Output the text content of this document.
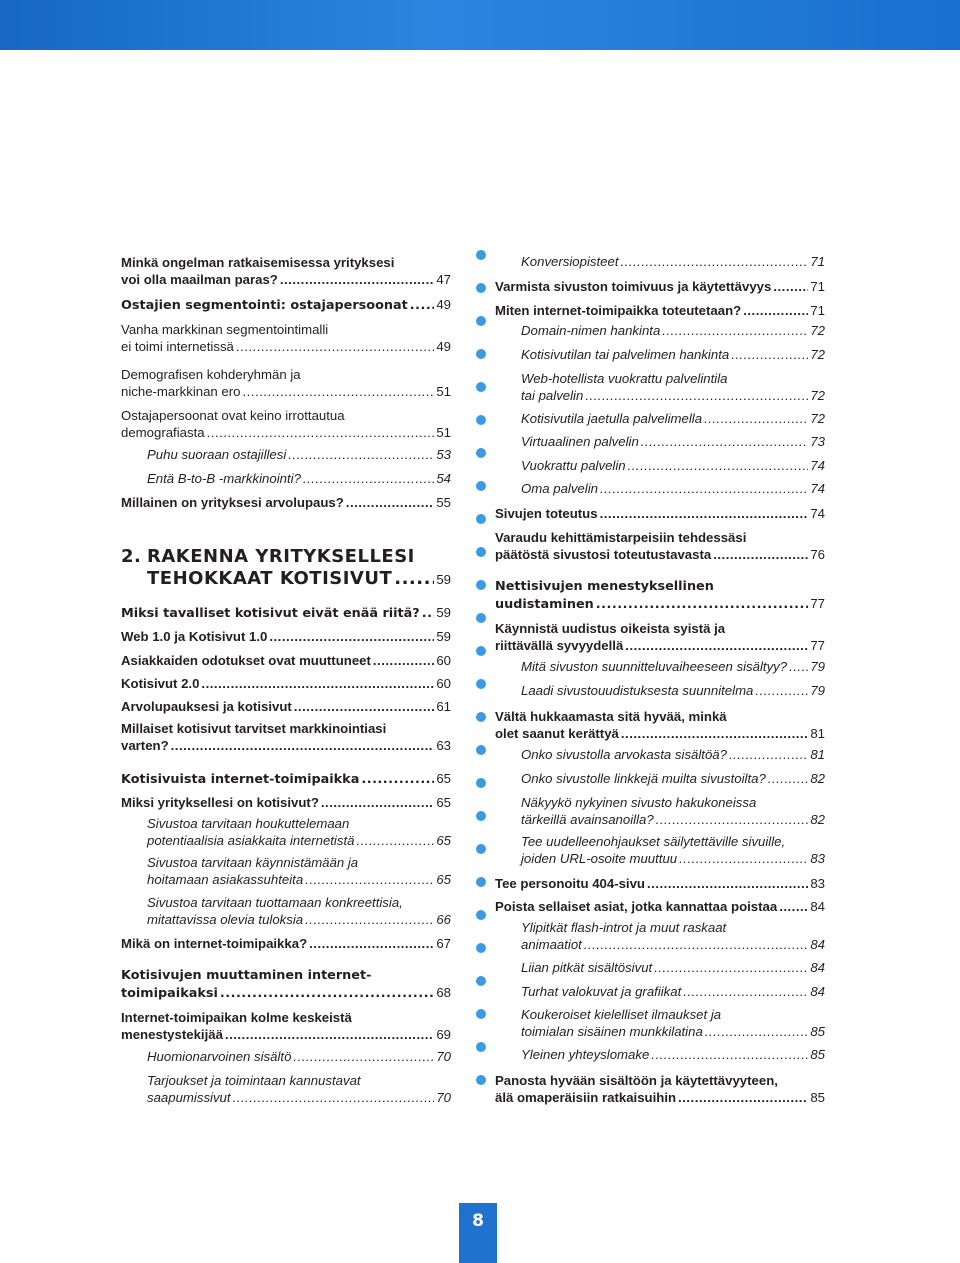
Minkä ongelman ratkaisemisessa yrityksesi
voi olla maailman paras? .....	47
Ostajien segmentointi: ostajapersoonat ..... 49
Vanha markkinan segmentointimalli
ei toimi internetissä .....	49
Demografisen kohderyhmän ja
niche-markkinan ero .....	51
Ostajapersoonat ovat keino irrottautua
demografiasta .....	51
Puhu suoraan ostajillesi .....	53
Entä B-to-B -markkinointi? .....	54
Millainen on yrityksesi arvolupaus? .....	55
2. RAKENNA YRITYKSELLESI
TEHOKKAAT KOTISIVUT .....	59
Miksi tavalliset kotisivut eivät enää riitä? ..... 59
Web 1.0 ja Kotisivut 1.0 .....	59
Asiakkaiden odotukset ovat muuttuneet .....	60
Kotisivut 2.0 .....	60
Arvolupauksesi ja kotisivut .....	61
Millaiset kotisivut tarvitset markkinointiasi
varten? .....	63
Kotisivuista internet-toimipaikka .....	65
Miksi yrityksellesi on kotisivut? .....	65
Sivustoa tarvitaan houkuttelemaan
potentiaalisia asiakkaita internetistä .....	65
Sivustoa tarvitaan käynnistämään ja
hoitamaan asiakassuhteita .....	65
Sivustoa tarvitaan tuottamaan konkreettisia,
mitattavissa olevia tuloksia .....	66
Mikä on internet-toimipaikka? .....	67
Kotisivujen muuttaminen internet-
toimipaikaksi .....	68
Internet-toimipaikan kolme keskeistä
menestystekijää .....	69
Huomionarvoinen sisältö .....	70
Tarjoukset ja toimintaan kannustavat
saapumissivut .....	70
Konversiopisteet .....	71
Varmista sivuston toimivuus ja käytettävyys .....	71
Miten internet-toimipaikka toteutetaan? .....	71
Domain-nimen hankinta .....	72
Kotisivutilan tai palvelimen hankinta .....	72
Web-hotellista vuokrattu palvelintila
tai palvelin .....	72
Kotisivutila jaetulla palvelimella .....	72
Virtuaalinen palvelin .....	73
Vuokrattu palvelin .....	74
Oma palvelin .....	74
Sivujen toteutus .....	74
Varaudu kehittämistarpeisiin tehdessäsi
päätöstä sivustosi toteutustavasta .....	76
Nettisivujen menestyksellinen
uudistaminen .....	77
Käynnistä uudistus oikeista syistä ja
riittävällä syvyydellä .....	77
Mitä sivuston suunnitteluvaiheeseen sisältyy? ..... 79
Laadi sivustouudistuksesta suunnitelma .....	79
Vältä hukkaamasta sitä hyvää, minkä
olet saanut kerättyä .....	81
Onko sivustolla arvokasta sisältöä? .....	81
Onko sivustolle linkkejä muilta sivustoilta? .....	82
Näkyykö nykyinen sivusto hakukoneissa
tärkeillä avainsanoilla? .....	82
Tee uudelleenohjaukset säilytettäville sivuille,
joiden URL-osoite muuttuu .....	83
Tee personoitu 404-sivu .....	83
Poista sellaiset asiat, jotka kannattaa poistaa .....	84
Ylipitkät flash-introt ja muut raskaat
animaatiot .....	84
Liian pitkät sisältösivut .....	84
Turhat valokuvat ja grafiikat .....	84
Koukeroiset kielelliset ilmaukset ja
toimialan sisäinen munkkilatina .....	85
Yleinen yhteyslomake .....	85
Panosta hyvään sisältöön ja käytettävyyteen,
älä omaperäisiin ratkaisuihin .....	85
8
